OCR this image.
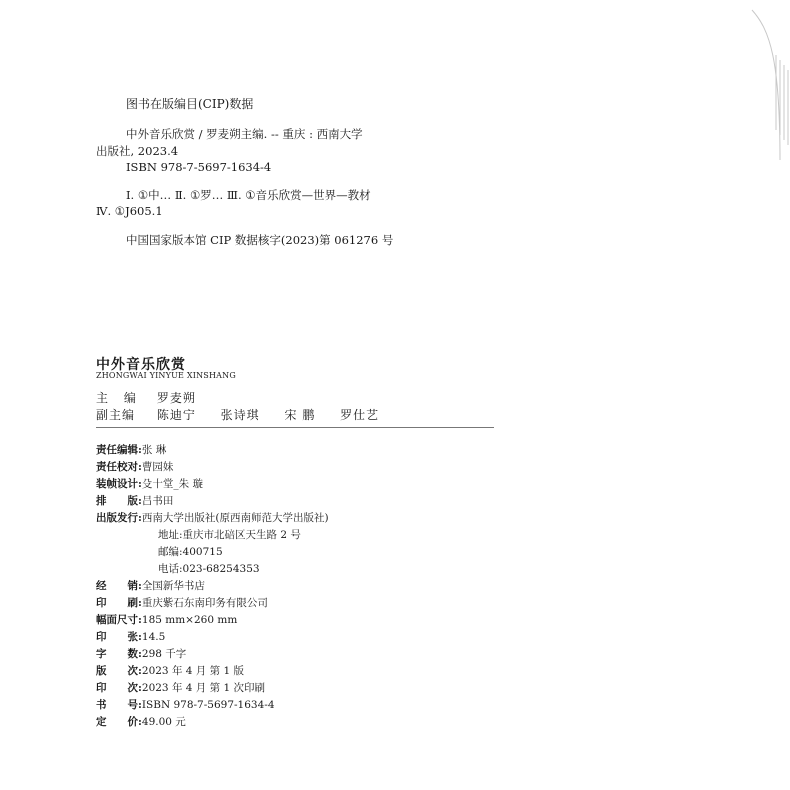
图书在版编目(CIP)数据
中外音乐欣赏 / 罗麦朔主编. -- 重庆 : 西南大学
出版社, 2023.4
ISBN 978-7-5697-1634-4
Ⅰ. ①中… Ⅱ. ①罗… Ⅲ. ①音乐欣赏—世界—教材
Ⅳ. ①J605.1
中国国家版本馆 CIP 数据核字(2023)第 061276 号
中外音乐欣赏
ZHONGWAI YINYUE XINSHANG
主 编 罗麦朔
副主编 陈迪宁 张诗琪 宋 鹏 罗仕艺
责任编辑:张 琳
责任校对:曹园妹
装帧设计:殳十堂_朱 璇
排　　版:吕书田
出版发行:西南大学出版社(原西南师范大学出版社)
地址:重庆市北碚区天生路 2 号
邮编:400715
电话:023-68254353
经　　销:全国新华书店
印　　刷:重庆紫石东南印务有限公司
幅面尺寸:185 mm×260 mm
印　　张:14.5
字　　数:298 千字
版　　次:2023 年 4 月 第 1 版
印　　次:2023 年 4 月 第 1 次印刷
书　　号:ISBN 978-7-5697-1634-4
定　　价:49.00 元
